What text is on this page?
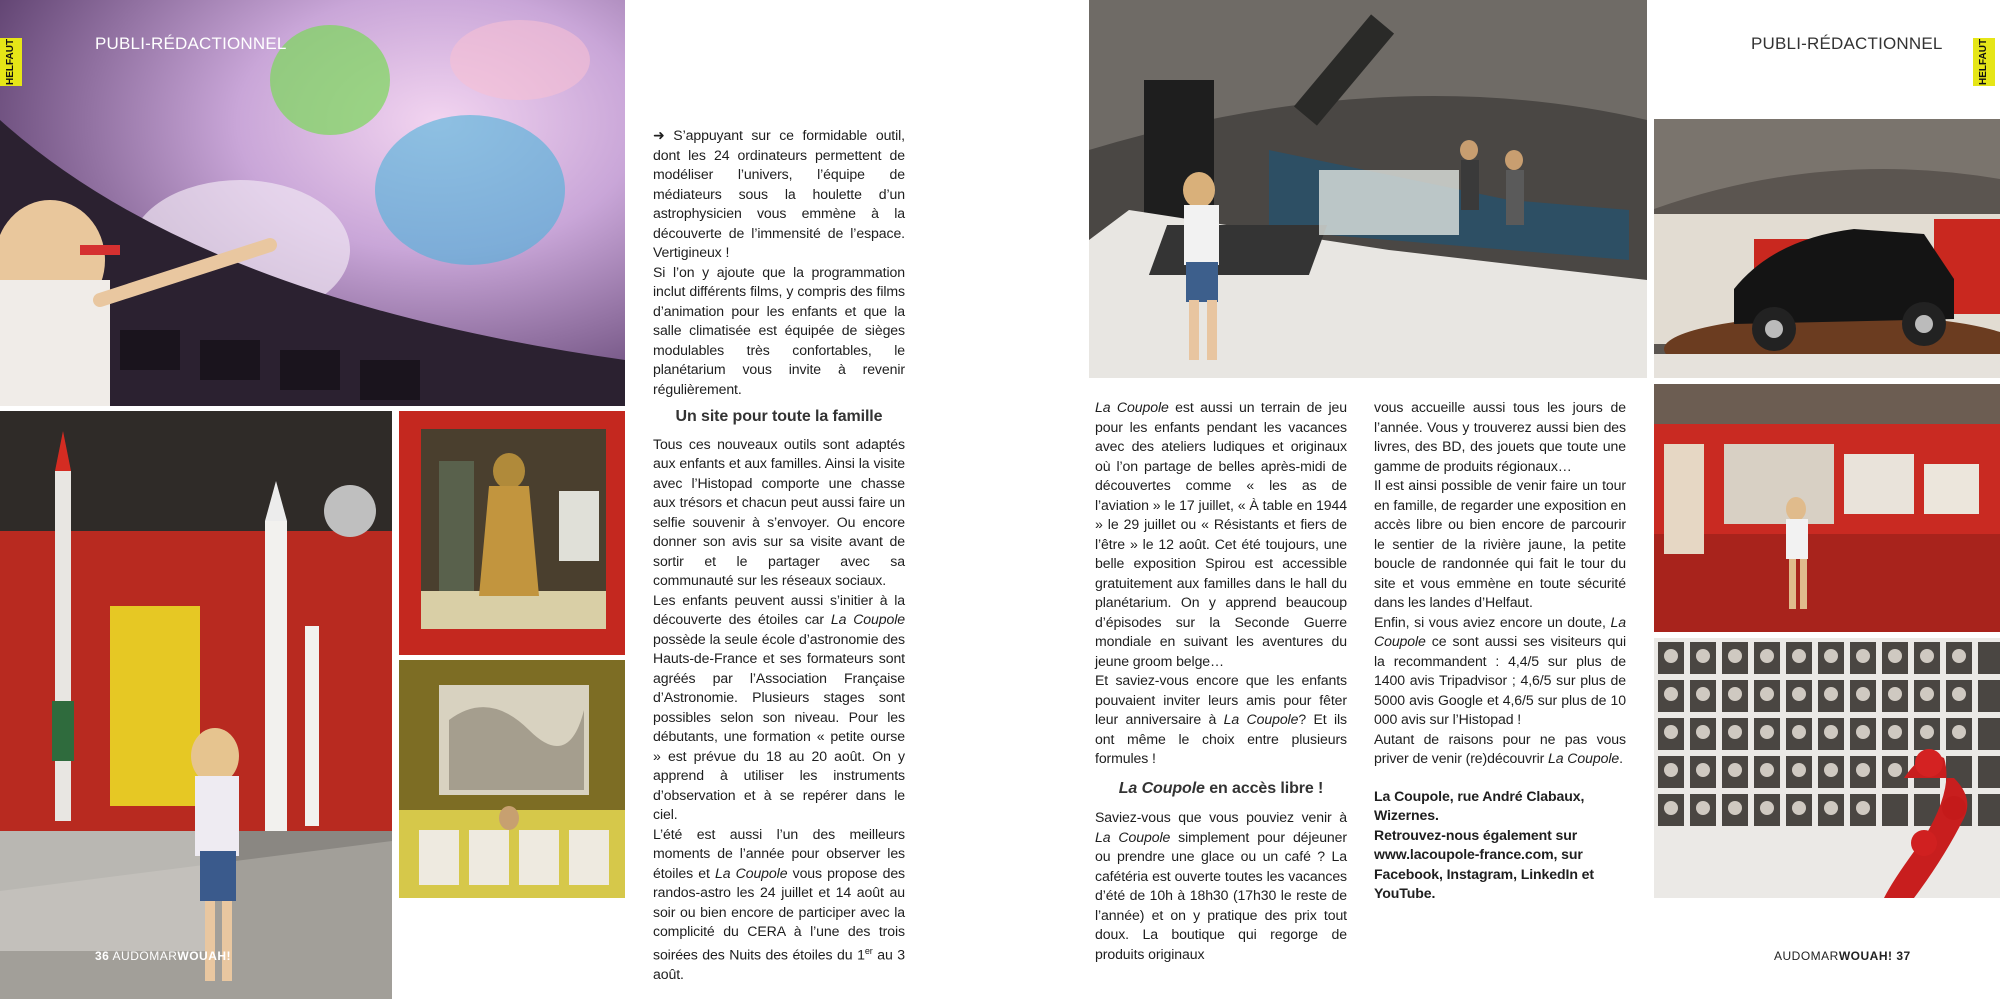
HELFAUT	PUBLI-RÉDACTIONNEL

➜ S’appuyant sur ce formidable outil, dont les 24 ordinateurs permettent de modéliser l’univers, l’équipe de médiateurs sous la houlette d’un astrophysicien vous emmène à la découverte de l’immensité de l’espace. Vertigineux !

Si l’on y ajoute que la programmation inclut différents films, y compris des films d’animation pour les enfants et que la salle climatisée est équipée de sièges modulables très confortables, le planétarium vous invite à revenir régulièrement.

Un site pour toute la famille

Tous ces nouveaux outils sont adaptés aux enfants et aux familles. Ainsi la visite avec l’Histopad comporte une chasse aux trésors et chacun peut aussi faire un selfie souvenir à s’envoyer. Ou encore donner son avis sur sa visite avant de sortir et le partager avec sa communauté sur les réseaux sociaux.

Les enfants peuvent aussi s’initier à la découverte des étoiles car La Coupole possède la seule école d’astronomie des Hauts-de-France et ses formateurs sont agréés par l’Association Française d’Astronomie. Plusieurs stages sont possibles selon son niveau. Pour les débutants, une formation « petite ourse » est prévue du 18 au 20 août. On y apprend à utiliser les instruments d’observation et à se repérer dans le ciel.

L’été est aussi l’un des meilleurs moments de l’année pour observer les étoiles et La Coupole vous propose des randos-astro les 24 juillet et 14 août au soir ou bien encore de participer avec la complicité du CERA à l’une des trois soirées des Nuits des étoiles du 1er au 3 août.

36 AUDOMARWOUAH!
PUBLI-RÉDACTIONNEL	HELFAUT

La Coupole est aussi un terrain de jeu pour les enfants pendant les vacances avec des ateliers ludiques et originaux où l’on partage de belles après-midi de découvertes comme « les as de l’aviation » le 17 juillet, « À table en 1944 » le 29 juillet ou « Résistants et fiers de l’être » le 12 août. Cet été toujours, une belle exposition Spirou est accessible gratuitement aux familles dans le hall du planétarium. On y apprend beaucoup d’épisodes sur la Seconde Guerre mondiale en suivant les aventures du jeune groom belge…

Et saviez-vous encore que les enfants pouvaient inviter leurs amis pour fêter leur anniversaire à La Coupole? Et ils ont même le choix entre plusieurs formules !

La Coupole en accès libre !

Saviez-vous que vous pouviez venir à La Coupole simplement pour déjeuner ou prendre une glace ou un café ? La cafétéria est ouverte toutes les vacances d’été de 10h à 18h30 (17h30 le reste de l’année) et on y pratique des prix tout doux. La boutique qui regorge de produits originaux

vous accueille aussi tous les jours de l’année. Vous y trouverez aussi bien des livres, des BD, des jouets que toute une gamme de produits régionaux…

Il est ainsi possible de venir faire un tour en famille, de regarder une exposition en accès libre ou bien encore de parcourir le sentier de la rivière jaune, la petite boucle de randonnée qui fait le tour du site et vous emmène en toute sécurité dans les landes d’Helfaut.

Enfin, si vous aviez encore un doute, La Coupole ce sont aussi ses visiteurs qui la recommandent : 4,4/5 sur plus de 1400 avis Tripadvisor ; 4,6/5 sur plus de 5000 avis Google et 4,6/5 sur plus de 10 000 avis sur l’Histopad !

Autant de raisons pour ne pas vous priver de venir (re)découvrir La Coupole.

La Coupole, rue André Clabaux, Wizernes.

Retrouvez-nous également sur www.lacoupole-france.com, sur Facebook, Instagram, LinkedIn et YouTube.

AUDOMARWOUAH! 37
